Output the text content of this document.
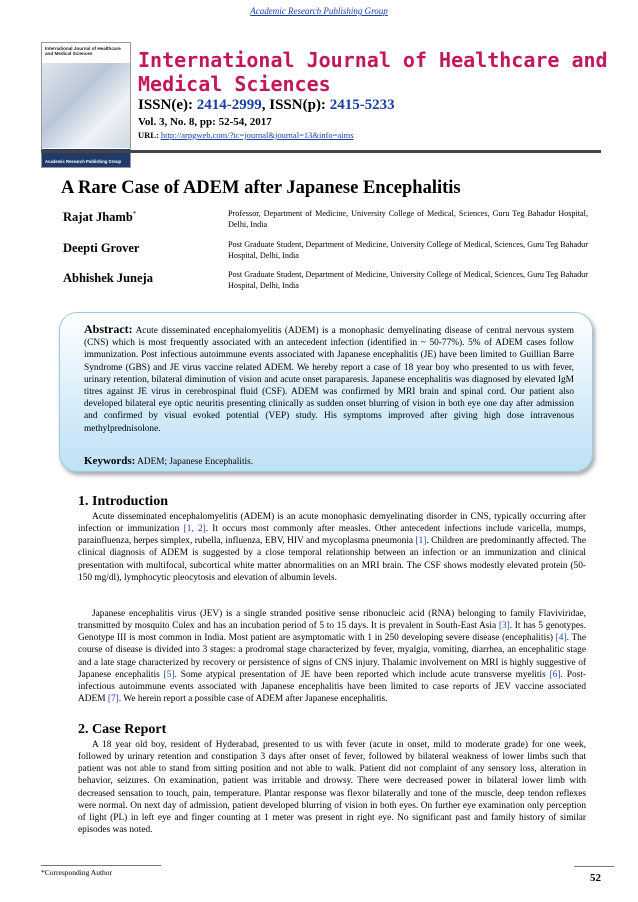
Academic Research Publishing Group
International Journal of Healthcare and Medical Sciences
Academic Research Publishing Group
International Journal of Healthcare and Medical Sciences
ISSN(e): 2414-2999, ISSN(p): 2415-5233
Vol. 3, No. 8, pp: 52-54, 2017
URL: http://arpgweb.com/?ic=journal&journal=13&info=aims
A Rare Case of ADEM after Japanese Encephalitis
Rajat Jhamb*	Professor, Department of Medicine, University College of Medical, Sciences, Guru Teg Bahadur Hospital, Delhi, India
Deepti Grover	Post Graduate Student, Department of Medicine, University College of Medical, Sciences, Guru Teg Bahadur Hospital, Delhi, India
Abhishek Juneja	Post Graduate Student, Department of Medicine, University College of Medical, Sciences, Guru Teg Bahadur Hospital, Delhi, India
Abstract: Acute disseminated encephalomyelitis (ADEM) is a monophasic demyelinating disease of central nervous system (CNS) which is most frequently associated with an antecedent infection (identified in ~ 50-77%). 5% of ADEM cases follow immunization. Post infectious autoimmune events associated with Japanese encephalitis (JE) have been limited to Guillian Barre Syndrome (GBS) and JE virus vaccine related ADEM. We hereby report a case of 18 year boy who presented to us with fever, urinary retention, bilateral diminution of vision and acute onset paraparesis. Japanese encephalitis was diagnosed by elevated IgM titres against JE virus in cerebrospinal fluid (CSF). ADEM was confirmed by MRI brain and spinal cord. Our patient also developed bilateral eye optic neuritis presenting clinically as sudden onset blurring of vision in both eye one day after admission and confirmed by visual evoked potential (VEP) study. His symptoms improved after giving high dose intravenous methylprednisolone.
Keywords: ADEM; Japanese Encephalitis.
1. Introduction
Acute disseminated encephalomyelitis (ADEM) is an acute monophasic demyelinating disorder in CNS, typically occurring after infection or immunization [1, 2]. It occurs most commonly after measles. Other antecedent infections include varicella, mumps, parainfluenza, herpes simplex, rubella, influenza, EBV, HIV and mycoplasma pneumonia [1]. Children are predominantly affected. The clinical diagnosis of ADEM is suggested by a close temporal relationship between an infection or an immunization and clinical presentation with multifocal, subcortical white matter abnormalities on an MRI brain. The CSF shows modestly elevated protein (50-150 mg/dl), lymphocytic pleocytosis and elevation of albumin levels.
Japanese encephalitis virus (JEV) is a single stranded positive sense ribonucleic acid (RNA) belonging to family Flaviviridae, transmitted by mosquito Culex and has an incubation period of 5 to 15 days. It is prevalent in South-East Asia [3]. It has 5 genotypes. Genotype III is most common in India. Most patient are asymptomatic with 1 in 250 developing severe disease (encephalitis) [4]. The course of disease is divided into 3 stages: a prodromal stage characterized by fever, myalgia, vomiting, diarrhea, an encephalitic stage and a late stage characterized by recovery or persistence of signs of CNS injury. Thalamic involvement on MRI is highly suggestive of Japanese encephalitis [5]. Some atypical presentation of JE have been reported which include acute transverse myelitis [6]. Post-infectious autoimmune events associated with Japanese encephalitis have been limited to case reports of JEV vaccine associated ADEM [7]. We herein report a possible case of ADEM after Japanese encephalitis.
2. Case Report
A 18 year old boy, resident of Hyderabad, presented to us with fever (acute in onset, mild to moderate grade) for one week, followed by urinary retention and constipation 3 days after onset of fever, followed by bilateral weakness of lower limbs such that patient was not able to stand from sitting position and not able to walk. Patient did not complaint of any sensory loss, alteration in behavior, seizures. On examination, patient was irritable and drowsy. There were decreased power in bilateral lower limb with decreased sensation to touch, pain, temperature. Plantar response was flexor bilaterally and tone of the muscle, deep tendon reflexes were normal. On next day of admission, patient developed blurring of vision in both eyes. On further eye examination only perception of light (PL) in left eye and finger counting at 1 meter was present in right eye. No significant past and family history of similar episodes was noted.
*Corresponding Author	52
